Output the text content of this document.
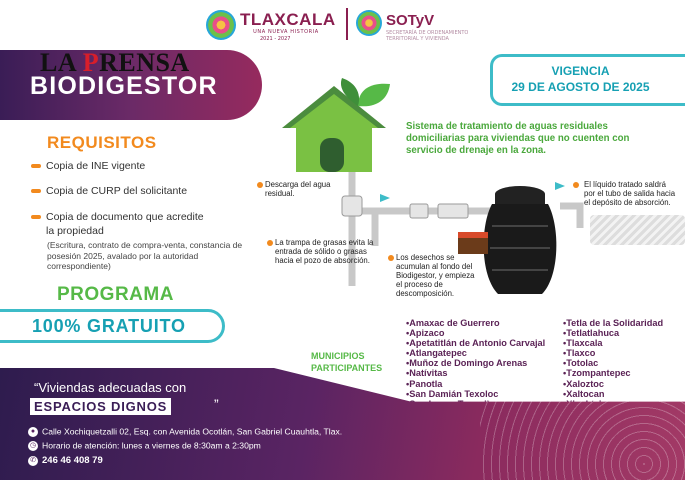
TLAXCALA
UNA NUEVA HISTORIA
2021 - 2027
SOTyV
SECRETARÍA DE ORDENAMIENTO TERRITORIAL Y VIVIENDA
LA PRENSA
BIODIGESTOR
VIGENCIA
29 DE AGOSTO DE 2025
REQUISITOS
Copia de INE vigente
Copia de CURP del solicitante
Copia de documento que acredite
la propiedad
(Escritura, contrato de compra-venta, constancia de posesión 2025, avalado por la autoridad correspondiente)
PROGRAMA
100% GRATUITO
Sistema de tratamiento de aguas residuales domiciliarias para viviendas que no cuenten con servicio de drenaje en la zona.
Descarga del agua residual.
La trampa de grasas evita la entrada de sólido o grasas hacia el pozo de absorción.	Los desechos se acumulan al fondo del Biodigestor, y empieza el proceso de descomposición.
El líquido tratado saldrá por el tubo de salida hacia el depósito de absorción.
MUNICIPIOS PARTICIPANTES
• Amaxac de Guerrero
• Apizaco
• Apetatitlán de Antonio Carvajal
• Atlangatepec
• Muñoz de Domingo Arenas
• Natívitas
• Panotla
• San Damián Texoloc
•
•
•
• Tetla de la Solidaridad
• Tetlatlahuca
• Tlaxcala
• Tlaxco
• Totolac
• Tzompantepec
• Xaloztoc
• Xaltocan
•
•
•
“Viviendas adecuadas con
ESPACIOS DIGNOS	”
● Calle Xochiquetzalli 02, Esq. con Avenida Ocotlán, San Gabriel Cuauhtla, Tlax.
◷ Horario de atención: lunes a viernes de 8:30am a 2:30pm
✆ 246 46 408 79
